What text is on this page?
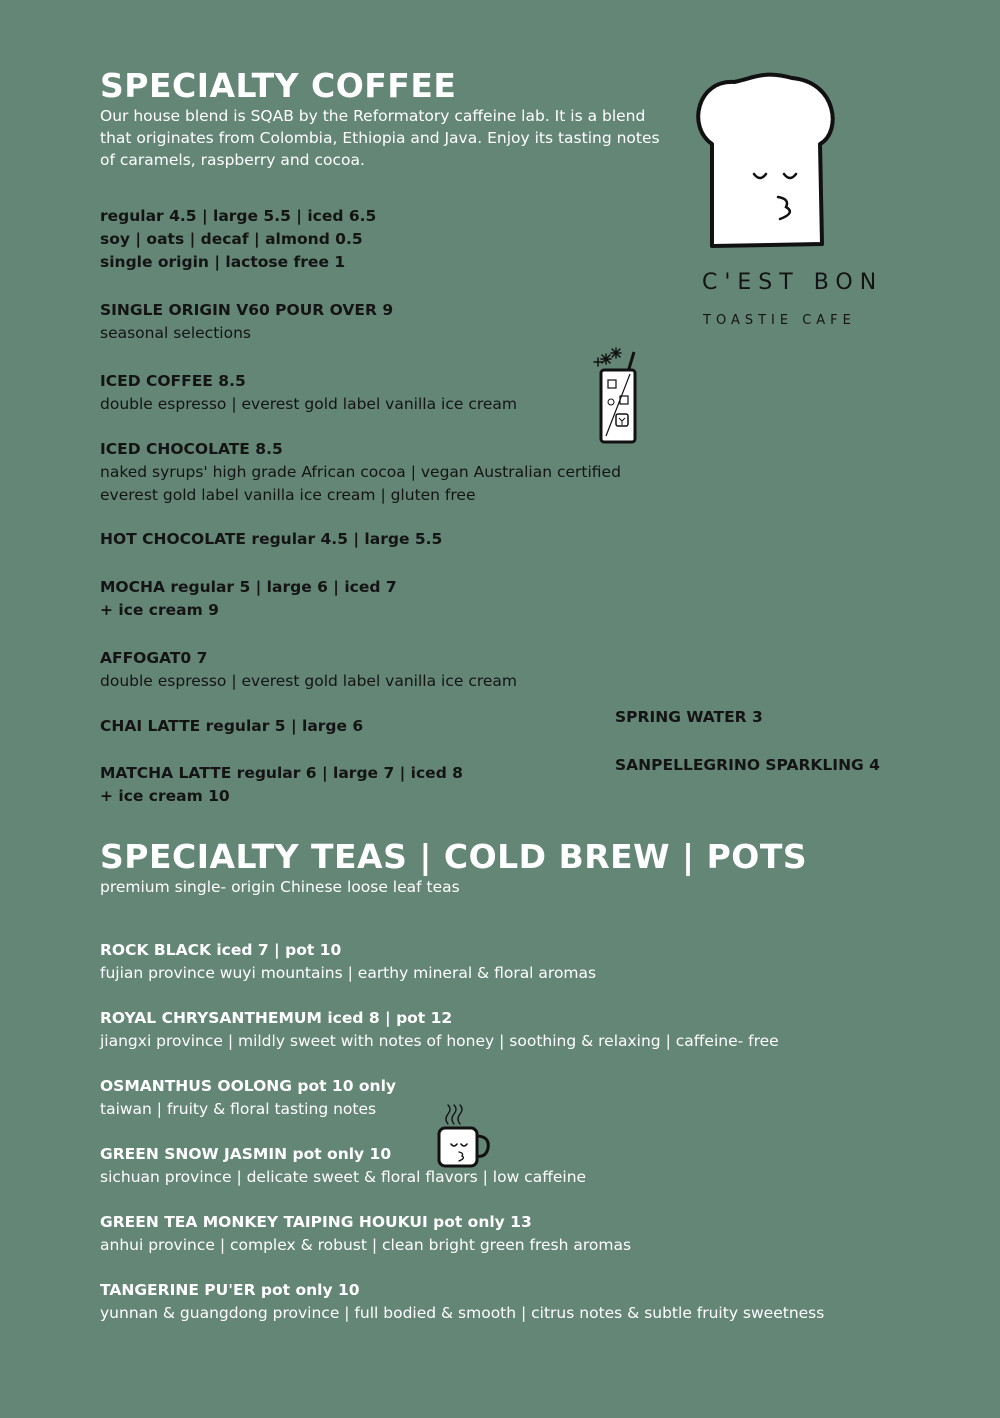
SPECIALTY COFFEE
Our house blend is SQAB by the Reformatory caffeine lab. It is a blend that originates from Colombia, Ethiopia and Java. Enjoy its tasting notes of caramels, raspberry and cocoa.
regular 4.5 | large 5.5 | iced 6.5
soy | oats | decaf | almond 0.5
single origin | lactose free 1
SINGLE ORIGIN V60 POUR OVER 9
seasonal selections
ICED COFFEE 8.5
double espresso | everest gold label vanilla ice cream
ICED CHOCOLATE 8.5
naked syrups' high grade African cocoa | vegan Australian certified
everest gold label vanilla ice cream | gluten free
HOT CHOCOLATE regular 4.5 | large 5.5
MOCHA regular 5 | large 6 | iced 7
+ ice cream 9
AFFOGAT0 7
double espresso | everest gold label vanilla ice cream
CHAI LATTE regular 5 | large 6
MATCHA LATTE regular 6 | large 7 | iced 8
+ ice cream 10
SPRING WATER 3
SANPELLEGRINO SPARKLING 4
C'EST BON
TOASTIE CAFE
SPECIALTY TEAS | COLD BREW | POTS
premium single- origin Chinese loose leaf teas
ROCK BLACK iced 7 | pot 10
fujian province wuyi mountains | earthy mineral & floral aromas
ROYAL CHRYSANTHEMUM iced 8 | pot 12
jiangxi province | mildly sweet with notes of honey | soothing & relaxing | caffeine- free
OSMANTHUS OOLONG pot 10 only
taiwan | fruity & floral tasting notes
GREEN SNOW JASMIN pot only 10
sichuan province | delicate sweet & floral flavors | low caffeine
GREEN TEA MONKEY TAIPING HOUKUI pot only 13
anhui province | complex & robust | clean bright green fresh aromas
TANGERINE PU'ER pot only 10
yunnan & guangdong province | full bodied & smooth | citrus notes & subtle fruity sweetness
